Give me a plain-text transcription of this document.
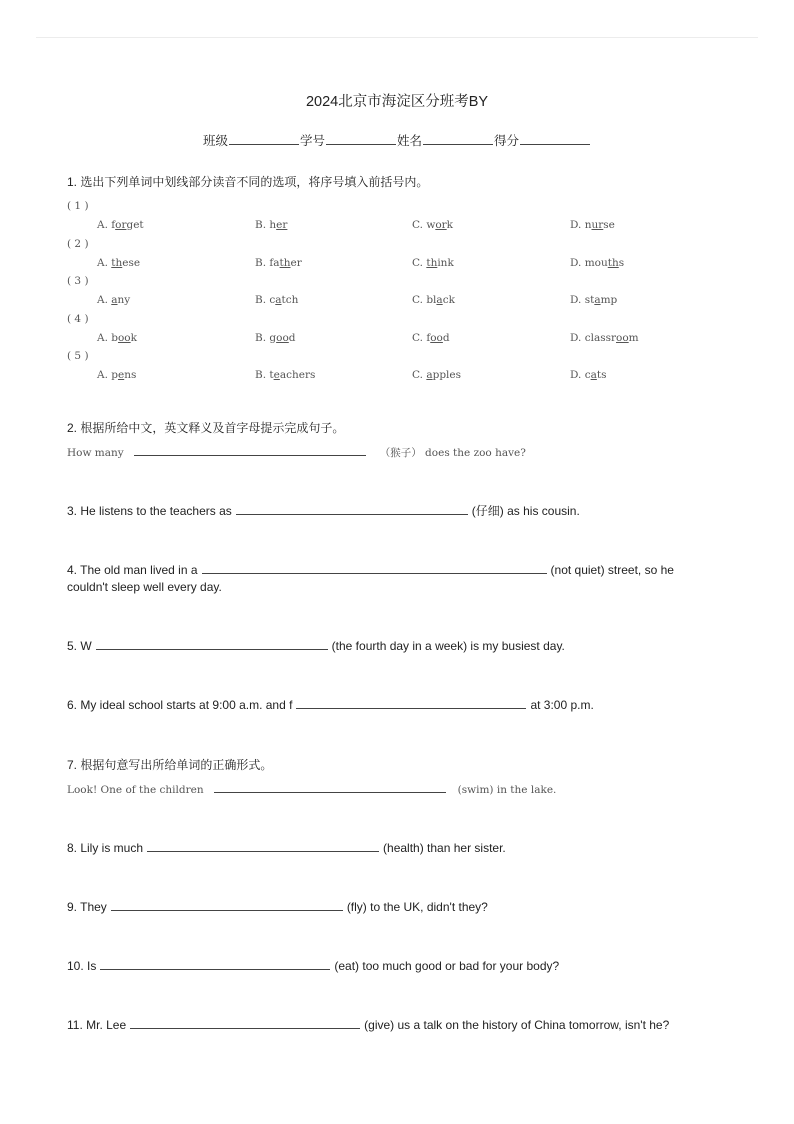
2024北京市海淀区分班考BY
班级	学号	姓名	得分
1. 选出下列单词中划线部分读音不同的选项，将序号填入前括号内。
( 1 )
A. forget	B. her	C. work	D. nurse
( 2 )
A. these	B. father	C. think	D. mouths
( 3 )
A. any	B. catch	C. black	D. stamp
( 4 )
A. book	B. good	C. food	D. classroom
( 5 )
A. pens	B. teachers	C. apples	D. cats
2. 根据所给中文，英文释义及首字母提示完成句子。
How many	（猴子） does the zoo have?
3. He listens to the teachers as	(仔细) as his cousin.
4. The old man lived in a	(not quiet) street, so he
couldn't sleep well every day.
5. W	(the fourth day in a week) is my busiest day.
6. My ideal school starts at 9:00 a.m. and f	at 3:00 p.m.
7. 根据句意写出所给单词的正确形式。
Look! One of the children	(swim) in the lake.
8. Lily is much	(health) than her sister.
9. They	(fly) to the UK, didn't they?
10. Is	(eat) too much good or bad for your body?
11. Mr. Lee	(give) us a talk on the history of China tomorrow, isn't he?
